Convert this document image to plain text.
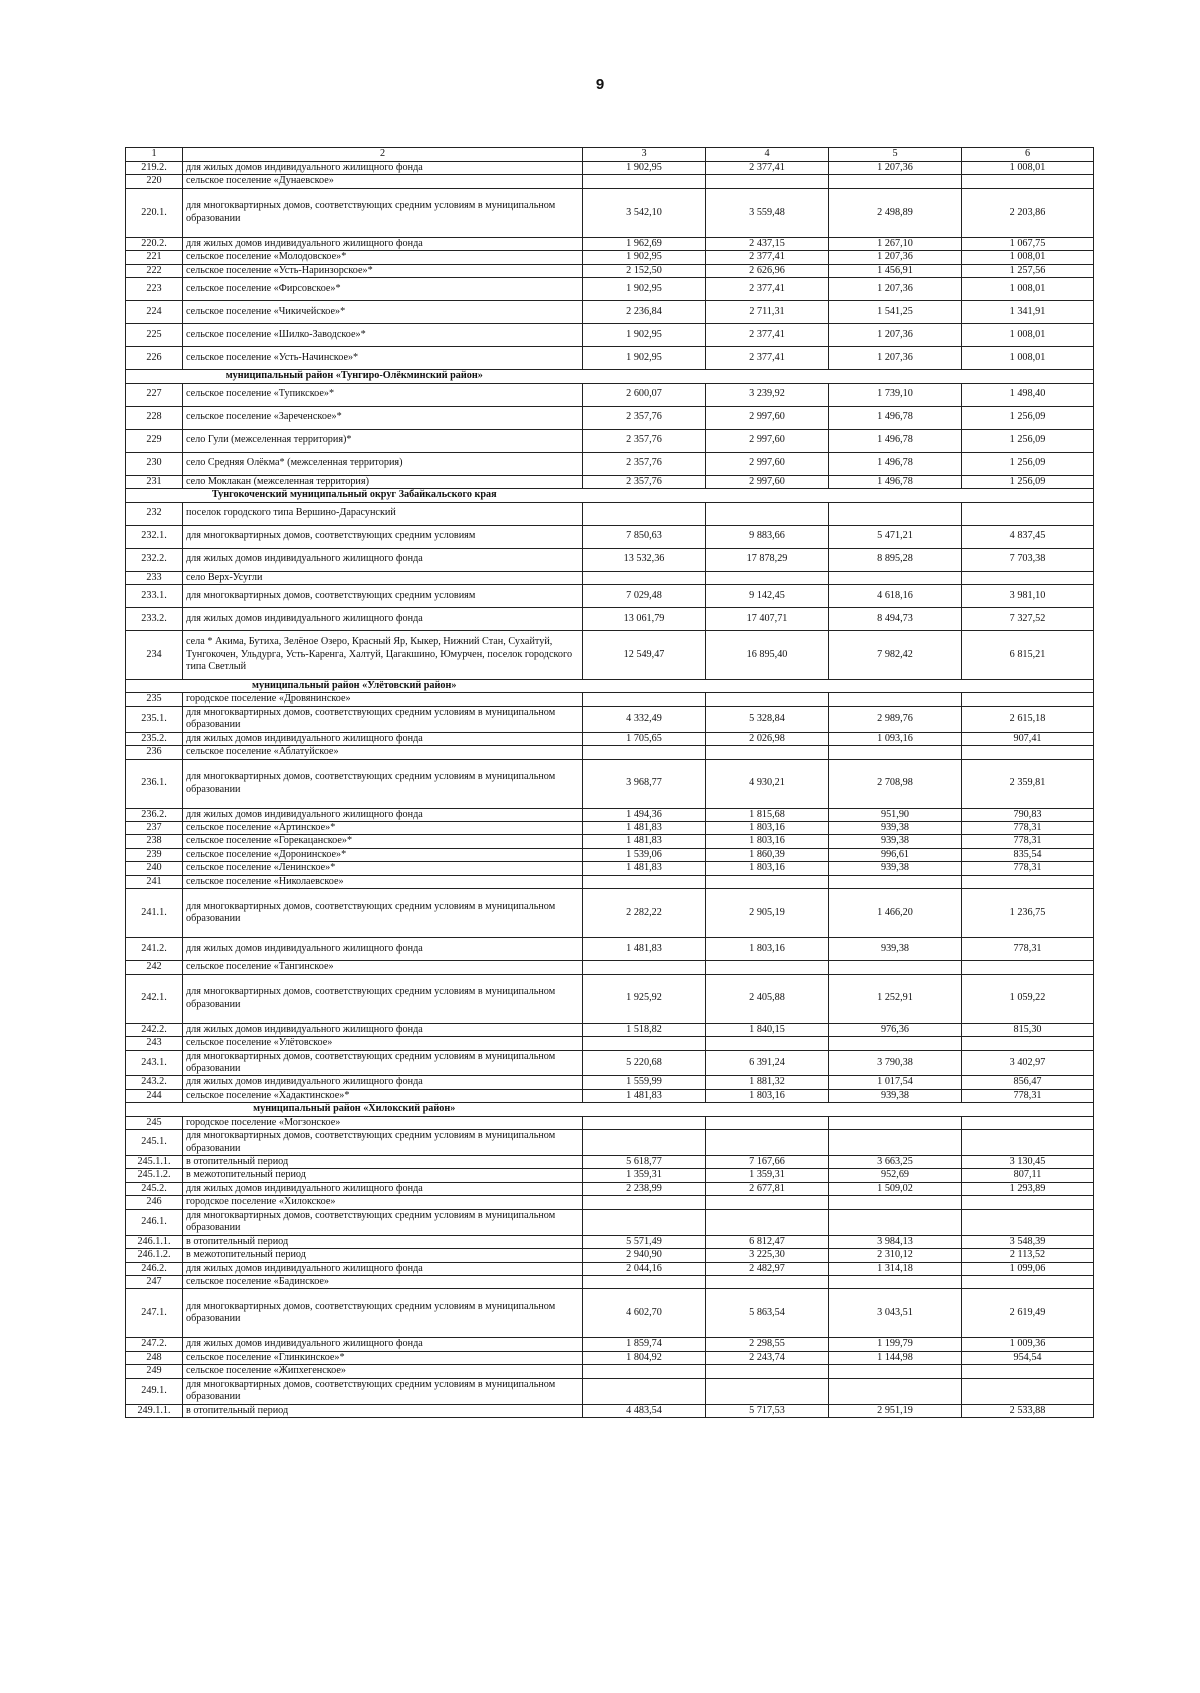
9
1	2	3	4	5	6
219.2.	для жилых домов индивидуального жилищного фонда	1 902,95	2 377,41	1 207,36	1 008,01
220	сельское поселение «Дунаевское»				
220.1.	для многоквартирных домов, соответствующих средним условиям в муниципальном образовании	3 542,10	3 559,48	2 498,89	2 203,86
220.2.	для жилых домов индивидуального жилищного фонда	1 962,69	2 437,15	1 267,10	1 067,75
221	сельское поселение «Молодовское»*	1 902,95	2 377,41	1 207,36	1 008,01
222	сельское поселение «Усть-Наринзорское»*	2 152,50	2 626,96	1 456,91	1 257,56
223	сельское поселение «Фирсовское»*	1 902,95	2 377,41	1 207,36	1 008,01
224	сельское поселение «Чикичейское»*	2 236,84	2 711,31	1 541,25	1 341,91
225	сельское поселение «Шилко-Заводское»*	1 902,95	2 377,41	1 207,36	1 008,01
226	сельское поселение «Усть-Начинское»*	1 902,95	2 377,41	1 207,36	1 008,01
муниципальный район «Тунгиро-Олёкминский район»					
227	сельское поселение «Тупикское»*	2 600,07	3 239,92	1 739,10	1 498,40
228	сельское поселение «Зареченское»*	2 357,76	2 997,60	1 496,78	1 256,09
229	село Гули (межселенная территория)*	2 357,76	2 997,60	1 496,78	1 256,09
230	село Средняя Олёкма* (межселенная территория)	2 357,76	2 997,60	1 496,78	1 256,09
231	село Моклакан (межселенная территория)	2 357,76	2 997,60	1 496,78	1 256,09
Тунгокоченский муниципальный округ Забайкальского края					
232	поселок городского типа Вершино-Дарасунский				
232.1.	для многоквартирных домов, соответствующих средним условиям	7 850,63	9 883,66	5 471,21	4 837,45
232.2.	для жилых домов индивидуального жилищного фонда	13 532,36	17 878,29	8 895,28	7 703,38
233	село Верх-Усугли				
233.1.	для многоквартирных домов, соответствующих средним условиям	7 029,48	9 142,45	4 618,16	3 981,10
233.2.	для жилых домов индивидуального жилищного фонда	13 061,79	17 407,71	8 494,73	7 327,52
234	села * Акима, Бутиха, Зелёное Озеро, Красный Яр, Кыкер, Нижний Стан, Сухайтуй, Тунгокочен, Ульдурга, Усть-Каренга, Халтуй, Цагакшино, Юмурчен, поселок городского типа Светлый	12 549,47	16 895,40	7 982,42	6 815,21
муниципальный район «Улётовский район»					
235	городское поселение «Дровянинское»				
235.1.	для многоквартирных домов, соответствующих средним условиям в муниципальном образовании	4 332,49	5 328,84	2 989,76	2 615,18
235.2.	для жилых домов индивидуального жилищного фонда	1 705,65	2 026,98	1 093,16	907,41
236	сельское поселение «Аблатуйское»				
236.1.	для многоквартирных домов, соответствующих средним условиям в муниципальном образовании	3 968,77	4 930,21	2 708,98	2 359,81
236.2.	для жилых домов индивидуального жилищного фонда	1 494,36	1 815,68	951,90	790,83
237	сельское поселение «Артинское»*	1 481,83	1 803,16	939,38	778,31
238	сельское поселение «Горекацанское»*	1 481,83	1 803,16	939,38	778,31
239	сельское поселение «Доронинское»*	1 539,06	1 860,39	996,61	835,54
240	сельское поселение «Ленинское»*	1 481,83	1 803,16	939,38	778,31
241	сельское поселение «Николаевское»				
241.1.	для многоквартирных домов, соответствующих средним условиям в муниципальном образовании	2 282,22	2 905,19	1 466,20	1 236,75
241.2.	для жилых домов индивидуального жилищного фонда	1 481,83	1 803,16	939,38	778,31
242	сельское поселение «Тангинское»				
242.1.	для многоквартирных домов, соответствующих средним условиям в муниципальном образовании	1 925,92	2 405,88	1 252,91	1 059,22
242.2.	для жилых домов индивидуального жилищного фонда	1 518,82	1 840,15	976,36	815,30
243	сельское поселение «Улётовское»				
243.1.	для многоквартирных домов, соответствующих средним условиям в муниципальном образовании	5 220,68	6 391,24	3 790,38	3 402,97
243.2.	для жилых домов индивидуального жилищного фонда	1 559,99	1 881,32	1 017,54	856,47
244	сельское поселение «Хадактинское»*	1 481,83	1 803,16	939,38	778,31
муниципальный район «Хилокский район»					
245	городское поселение «Могзонское»				
245.1.	для многоквартирных домов, соответствующих средним условиям в муниципальном образовании				
245.1.1.	в отопительный период	5 618,77	7 167,66	3 663,25	3 130,45
245.1.2.	в межотопительный период	1 359,31	1 359,31	952,69	807,11
245.2.	для жилых домов индивидуального жилищного фонда	2 238,99	2 677,81	1 509,02	1 293,89
246	городское поселение «Хилокское»				
246.1.	для многоквартирных домов, соответствующих средним условиям в муниципальном образовании				
246.1.1.	в отопительный период	5 571,49	6 812,47	3 984,13	3 548,39
246.1.2.	в межотопительный период	2 940,90	3 225,30	2 310,12	2 113,52
246.2.	для жилых домов индивидуального жилищного фонда	2 044,16	2 482,97	1 314,18	1 099,06
247	сельское поселение «Бадинское»				
247.1.	для многоквартирных домов, соответствующих средним условиям в муниципальном образовании	4 602,70	5 863,54	3 043,51	2 619,49
247.2.	для жилых домов индивидуального жилищного фонда	1 859,74	2 298,55	1 199,79	1 009,36
248	сельское поселение «Глинкинское»*	1 804,92	2 243,74	1 144,98	954,54
249	сельское поселение «Жипхегенское»				
249.1.	для многоквартирных домов, соответствующих средним условиям в муниципальном образовании				
249.1.1.	в отопительный период	4 483,54	5 717,53	2 951,19	2 533,88
